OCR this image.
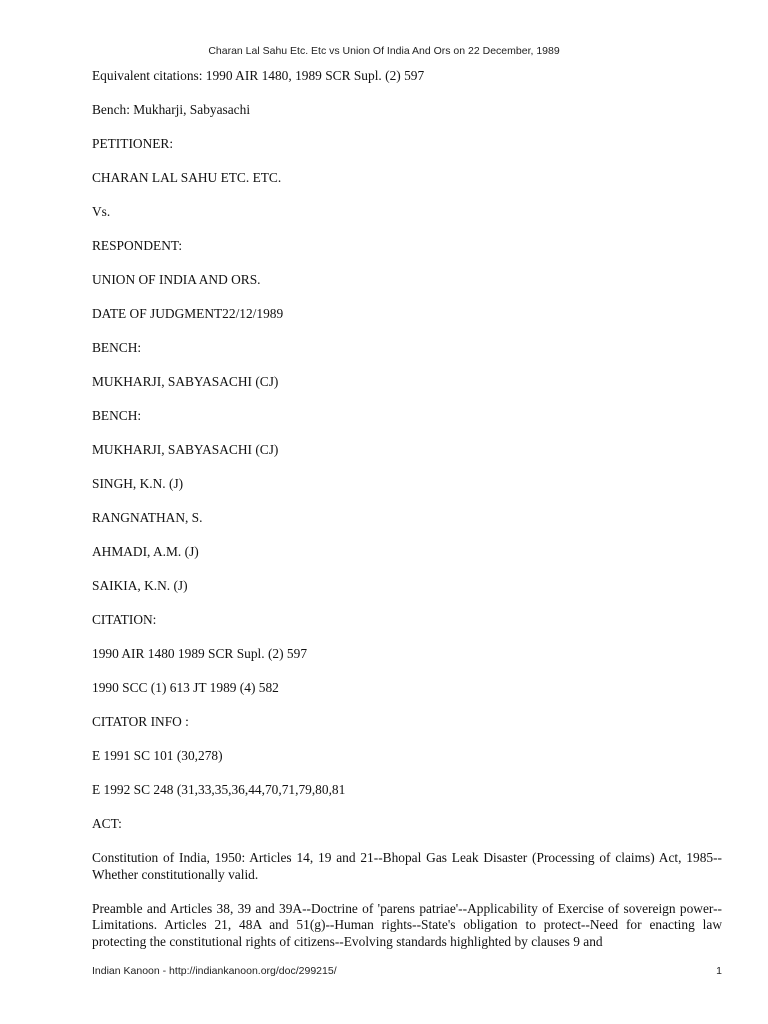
Charan Lal Sahu Etc. Etc vs Union Of India And Ors on 22 December, 1989

Equivalent citations: 1990 AIR 1480, 1989 SCR Supl. (2) 597

Bench: Mukharji, Sabyasachi

PETITIONER:

CHARAN LAL SAHU ETC. ETC.

Vs.

RESPONDENT:

UNION OF INDIA AND ORS.

DATE OF JUDGMENT22/12/1989

BENCH:

MUKHARJI, SABYASACHI (CJ)

BENCH:

MUKHARJI, SABYASACHI (CJ)

SINGH, K.N. (J)

RANGNATHAN, S.

AHMADI, A.M. (J)

SAIKIA, K.N. (J)

CITATION:

1990 AIR 1480 1989 SCR Supl. (2) 597

1990 SCC (1) 613 JT 1989 (4) 582

CITATOR INFO :

E 1991 SC 101 (30,278)

E 1992 SC 248 (31,33,35,36,44,70,71,79,80,81

ACT:

Constitution of India, 1950: Articles 14, 19 and 21--Bhopal Gas Leak Disaster (Processing of claims) Act, 1985--Whether constitutionally valid.

Preamble and Articles 38, 39 and 39A--Doctrine of 'parens patriae'--Applicability of Exercise of sovereign power--Limitations. Articles 21, 48A and 51(g)--Human rights--State's obligation to protect--Need for enacting law protecting the constitutional rights of citizens--Evolving standards highlighted by clauses 9 and

Indian Kanoon - http://indiankanoon.org/doc/299215/	1
